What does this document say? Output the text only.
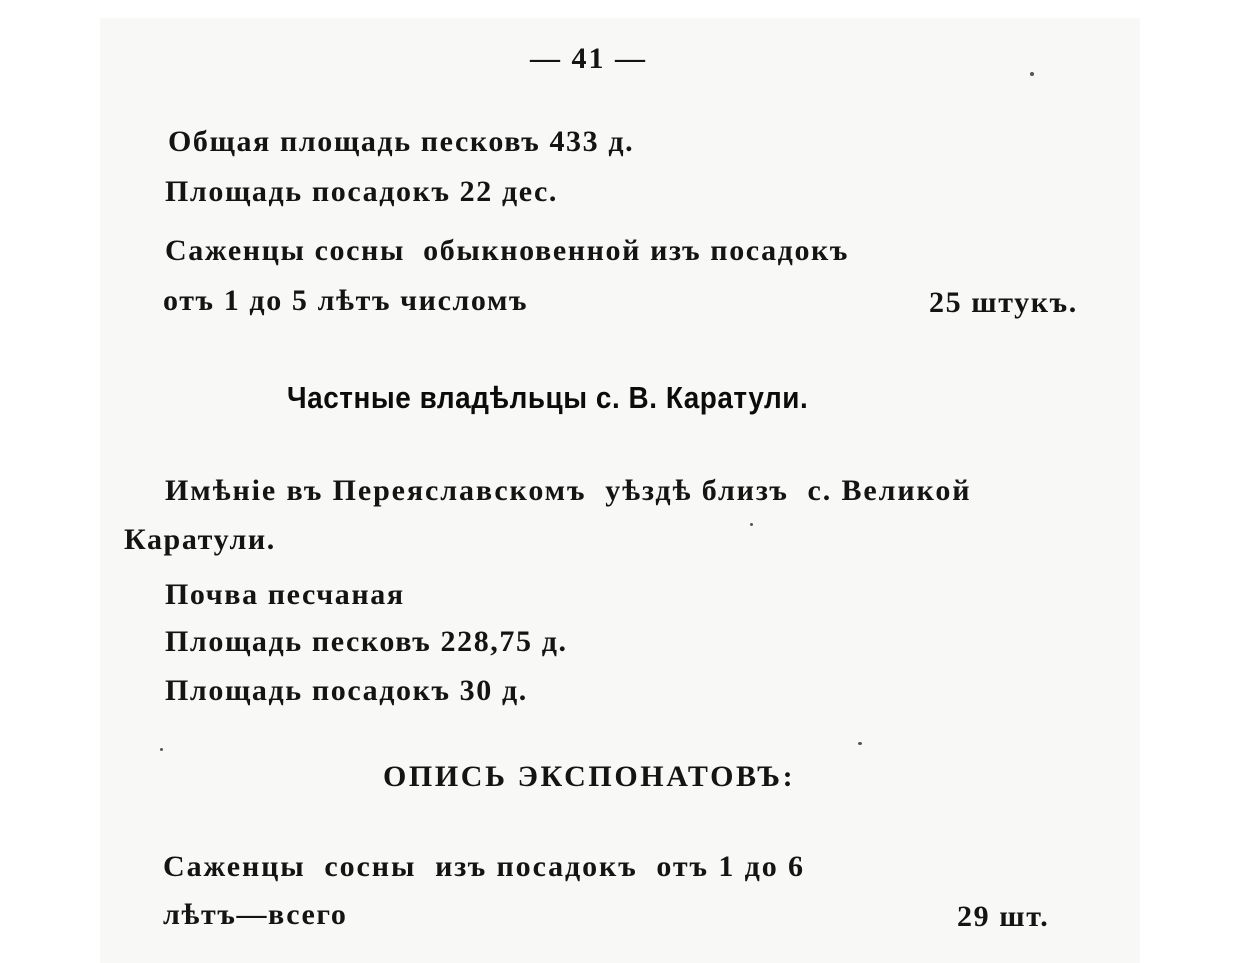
— 41 —
Общая площадь песковъ 433 д.
Площадь посадокъ 22 дес.
Саженцы сосны  обыкновенной изъ посадокъ
отъ 1 до 5 лѣтъ числомъ	25 штукъ.
Частные владѣльцы с. В. Каратули.
Имѣнiе въ Переяславскомъ  уѣздѣ близъ  с. Великой
Каратули.
Почва песчаная
Площадь песковъ 228,75 д.
Площадь посадокъ 30 д.
ОПИСЬ ЭКСПОНАТОВЪ:
Саженцы  сосны  изъ посадокъ  отъ 1 до 6
лѣтъ—всего	29 шт.
